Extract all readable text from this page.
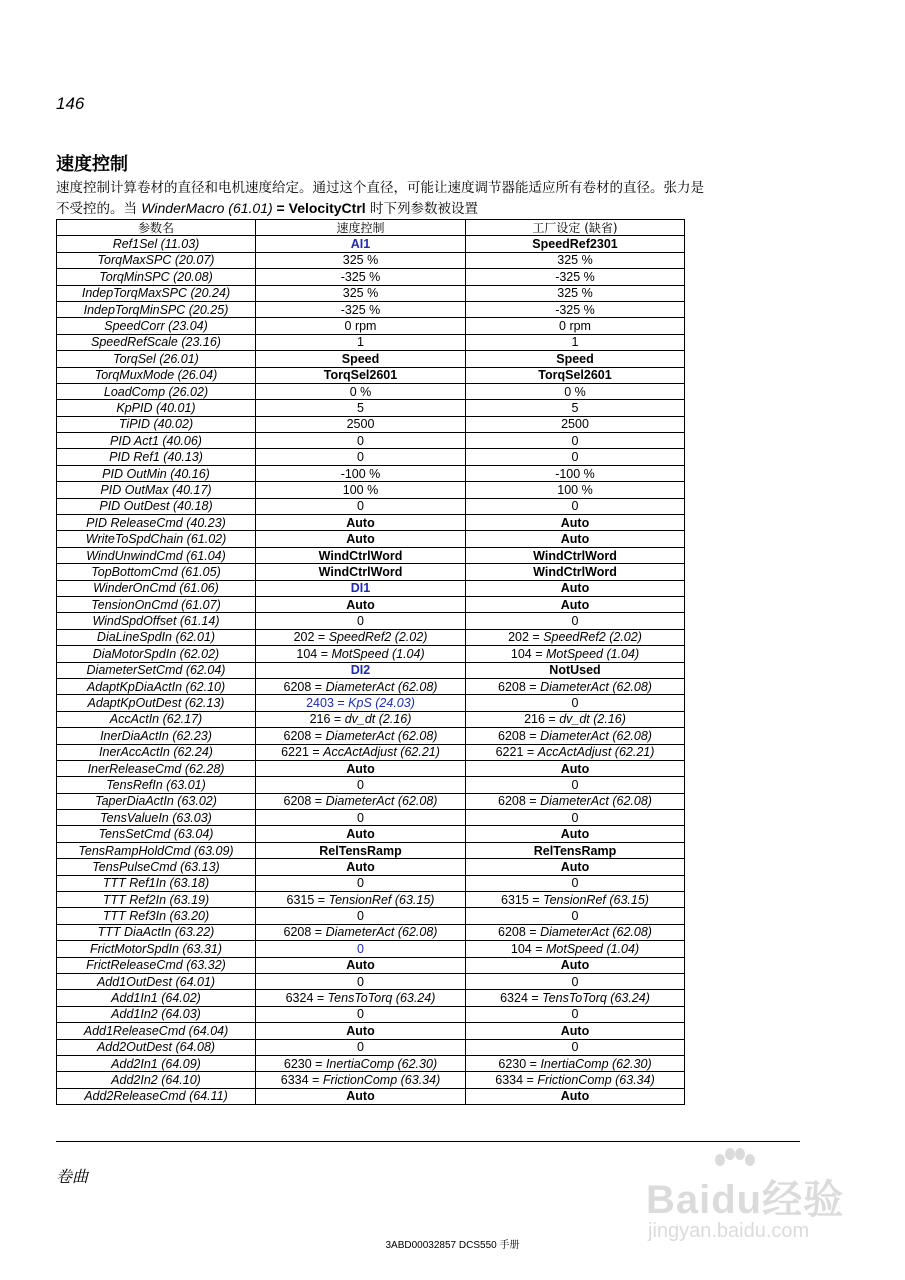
146
速度控制
速度控制计算卷材的直径和电机速度给定。通过这个直径，可能让速度调节器能适应所有卷材的直径。张力是
不受控的。当 WinderMacro (61.01) = VelocityCtrl 时下列参数被设置
参数名	速度控制	工厂设定 (缺省)
Ref1Sel (11.03)	AI1	SpeedRef2301
TorqMaxSPC (20.07)	325 %	325 %
TorqMinSPC (20.08)	-325 %	-325 %
IndepTorqMaxSPC (20.24)	325 %	325 %
IndepTorqMinSPC (20.25)	-325 %	-325 %
SpeedCorr (23.04)	0 rpm	0 rpm
SpeedRefScale (23.16)	1	1
TorqSel (26.01)	Speed	Speed
TorqMuxMode (26.04)	TorqSel2601	TorqSel2601
LoadComp (26.02)	0 %	0 %
KpPID (40.01)	5	5
TiPID (40.02)	2500	2500
PID Act1 (40.06)	0	0
PID Ref1 (40.13)	0	0
PID OutMin (40.16)	-100 %	-100 %
PID OutMax (40.17)	100 %	100 %
PID OutDest (40.18)	0	0
PID ReleaseCmd (40.23)	Auto	Auto
WriteToSpdChain (61.02)	Auto	Auto
WindUnwindCmd (61.04)	WindCtrlWord	WindCtrlWord
TopBottomCmd (61.05)	WindCtrlWord	WindCtrlWord
WinderOnCmd (61.06)	DI1	Auto
TensionOnCmd (61.07)	Auto	Auto
WindSpdOffset (61.14)	0	0
DiaLineSpdIn (62.01)	202 = SpeedRef2 (2.02)	202 = SpeedRef2 (2.02)
DiaMotorSpdIn (62.02)	104 = MotSpeed (1.04)	104 = MotSpeed (1.04)
DiameterSetCmd (62.04)	DI2	NotUsed
AdaptKpDiaActIn (62.10)	6208 = DiameterAct (62.08)	6208 = DiameterAct (62.08)
AdaptKpOutDest (62.13)	2403 = KpS (24.03)	0
AccActIn (62.17)	216 = dv_dt (2.16)	216 = dv_dt (2.16)
InerDiaActIn (62.23)	6208 = DiameterAct (62.08)	6208 = DiameterAct (62.08)
InerAccActIn (62.24)	6221 = AccActAdjust (62.21)	6221 = AccActAdjust (62.21)
InerReleaseCmd (62.28)	Auto	Auto
TensRefIn (63.01)	0	0
TaperDiaActIn (63.02)	6208 = DiameterAct (62.08)	6208 = DiameterAct (62.08)
TensValueIn (63.03)	0	0
TensSetCmd (63.04)	Auto	Auto
TensRampHoldCmd (63.09)	RelTensRamp	RelTensRamp
TensPulseCmd (63.13)	Auto	Auto
TTT Ref1In (63.18)	0	0
TTT Ref2In (63.19)	6315 = TensionRef (63.15)	6315 = TensionRef (63.15)
TTT Ref3In (63.20)	0	0
TTT DiaActIn (63.22)	6208 = DiameterAct (62.08)	6208 = DiameterAct (62.08)
FrictMotorSpdIn (63.31)	0	104 = MotSpeed (1.04)
FrictReleaseCmd (63.32)	Auto	Auto
Add1OutDest (64.01)	0	0
Add1In1 (64.02)	6324 = TensToTorq (63.24)	6324 = TensToTorq (63.24)
Add1In2 (64.03)	0	0
Add1ReleaseCmd (64.04)	Auto	Auto
Add2OutDest (64.08)	0	0
Add2In1 (64.09)	6230 = InertiaComp (62.30)	6230 = InertiaComp (62.30)
Add2In2 (64.10)	6334 = FrictionComp (63.34)	6334 = FrictionComp (63.34)
Add2ReleaseCmd (64.11)	Auto	Auto
卷曲
3ABD00032857 DCS550 手册
Baidu经验
jingyan.baidu.com
